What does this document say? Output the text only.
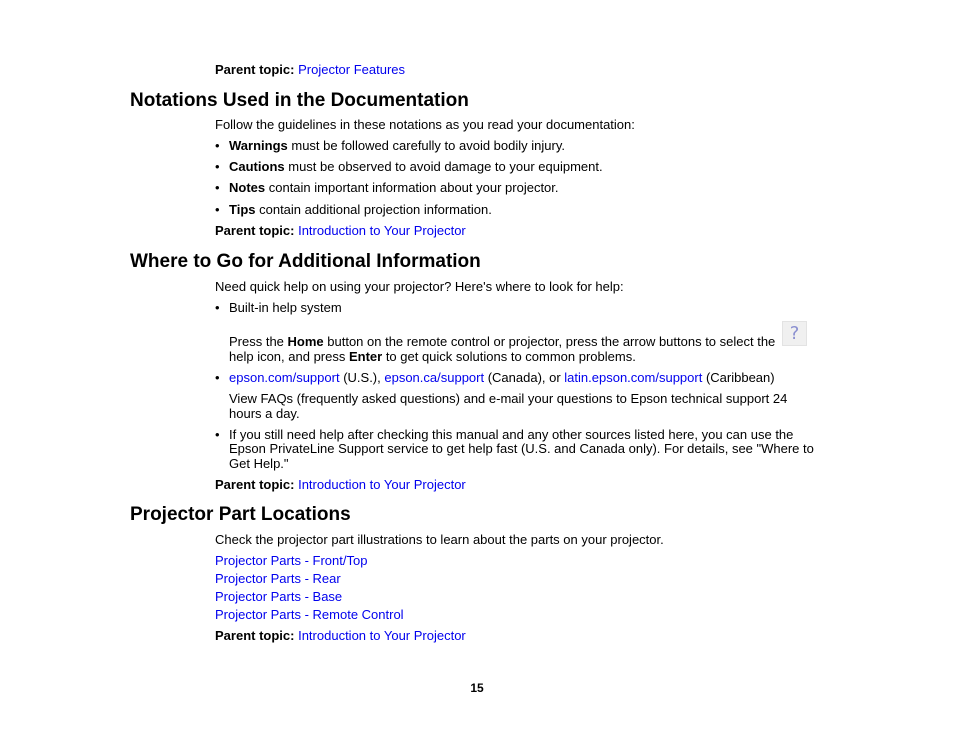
Parent topic: Projector Features
Notations Used in the Documentation
Follow the guidelines in these notations as you read your documentation:
• Warnings must be followed carefully to avoid bodily injury.
• Cautions must be observed to avoid damage to your equipment.
• Notes contain important information about your projector.
• Tips contain additional projection information.
Parent topic: Introduction to Your Projector
Where to Go for Additional Information
Need quick help on using your projector? Here's where to look for help:
• Built-in help system
Press the Home button on the remote control or projector, press the arrow buttons to select the ?
help icon, and press Enter to get quick solutions to common problems.
• epson.com/support (U.S.), epson.ca/support (Canada), or latin.epson.com/support (Caribbean)
View FAQs (frequently asked questions) and e-mail your questions to Epson technical support 24
hours a day.
• If you still need help after checking this manual and any other sources listed here, you can use the
Epson PrivateLine Support service to get help fast (U.S. and Canada only). For details, see "Where to
Get Help."
Parent topic: Introduction to Your Projector
Projector Part Locations
Check the projector part illustrations to learn about the parts on your projector.
Projector Parts - Front/Top
Projector Parts - Rear
Projector Parts - Base
Projector Parts - Remote Control
Parent topic: Introduction to Your Projector
15
